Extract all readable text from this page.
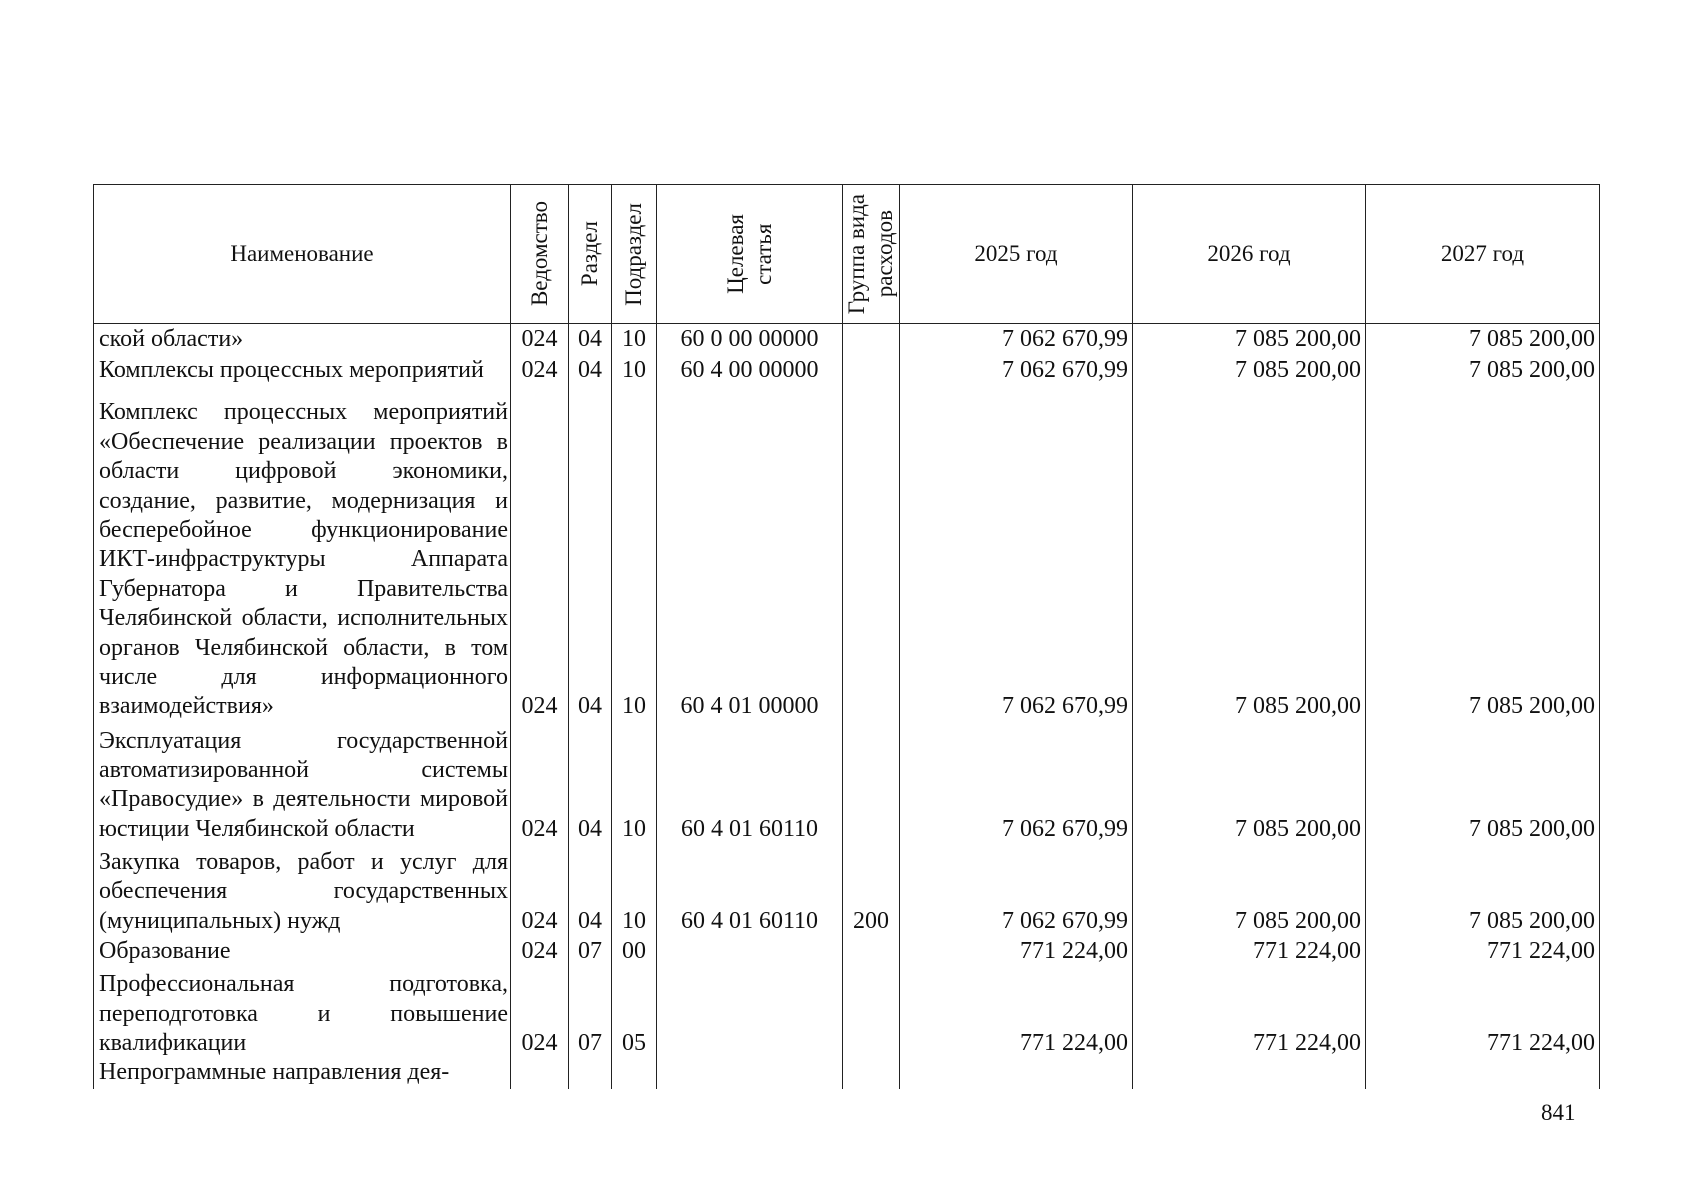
Наименование	Ведомство	Раздел	Подраздел	Целевая статья	Группа вида расходов	2025 год	2026 год	2027 год
ской области»	024	04	10	60 0 00 00000		7 062 670,99	7 085 200,00	7 085 200,00
Комплексы процессных мероприятий	024	04	10	60 4 00 00000		7 062 670,99	7 085 200,00	7 085 200,00
Комплекс процессных мероприятий «Обеспечение реализации проектов в области цифровой экономики, создание, развитие, модернизация и бесперебойное функционирование ИКТ-инфраструктуры Аппарата Губернатора и Правительства Челябинской области, исполнительных органов Челябинской области, в том числе для информационного взаимодействия»	024	04	10	60 4 01 00000		7 062 670,99	7 085 200,00	7 085 200,00
Эксплуатация государственной автоматизированной системы «Правосудие» в деятельности мировой юстиции Челябинской области	024	04	10	60 4 01 60110		7 062 670,99	7 085 200,00	7 085 200,00
Закупка товаров, работ и услуг для обеспечения государственных (муниципальных) нужд	024	04	10	60 4 01 60110	200	7 062 670,99	7 085 200,00	7 085 200,00
Образование	024	07	00			771 224,00	771 224,00	771 224,00
Профессиональная подготовка, переподготовка и повышение квалификации	024	07	05			771 224,00	771 224,00	771 224,00
Непрограммные направления дея-								
841
